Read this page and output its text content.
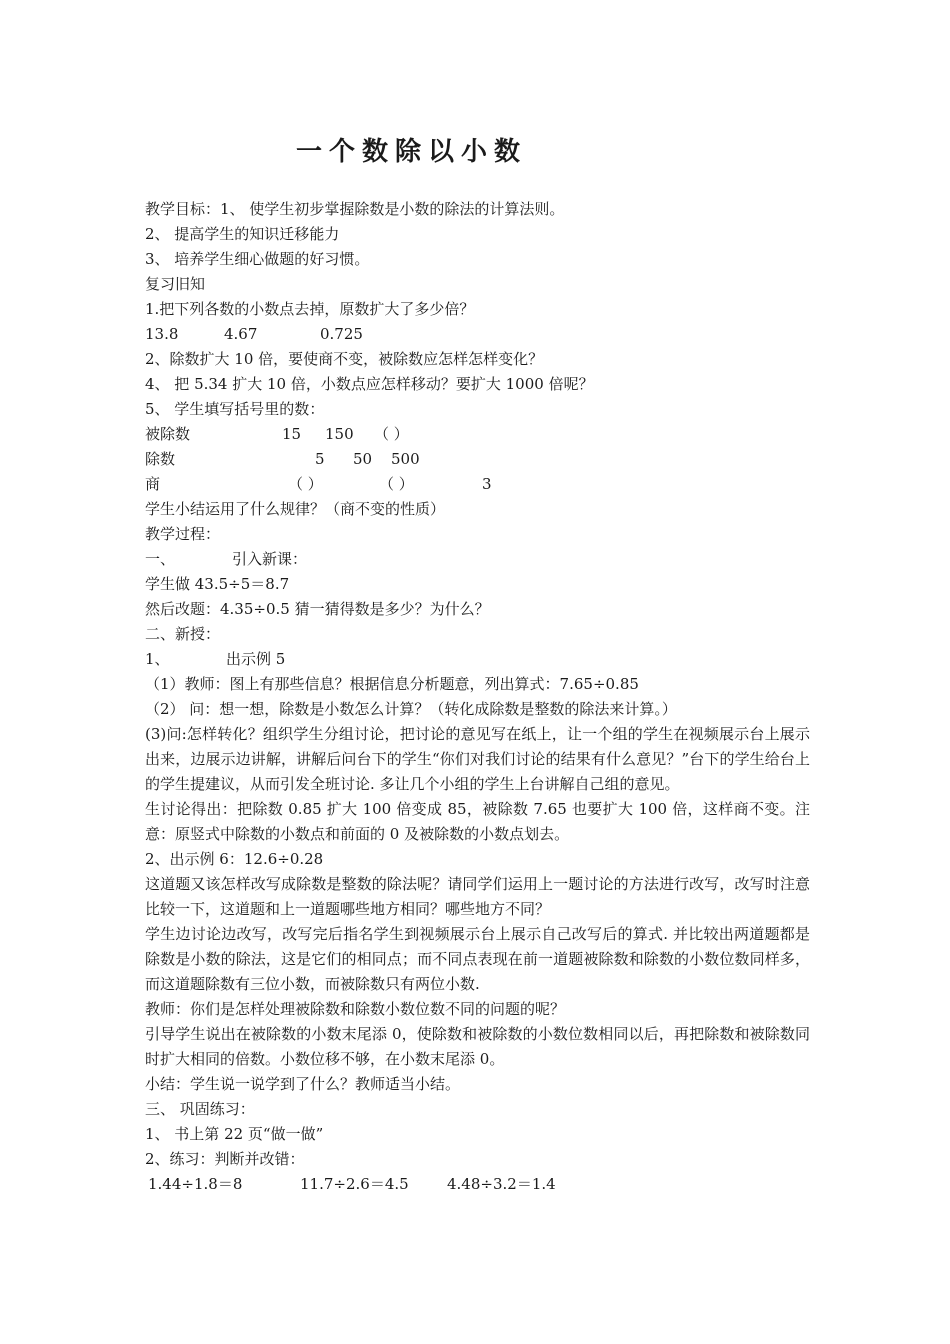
一个数除以小数
教学目标：1、 使学生初步掌握除数是小数的除法的计算法则。
2、 提高学生的知识迁移能力
3、 培养学生细心做题的好习惯。
复习旧知
1.把下列各数的小数点去掉，原数扩大了多少倍？
13.8	4.67	0.725
2、除数扩大 10 倍，要使商不变，被除数应怎样怎样变化？
4、 把 5.34 扩大 10 倍，小数点应怎样移动？要扩大 1000 倍呢？
5、 学生填写括号里的数：
被除数	15 150 （ ）
除数	5 50 500
商	（ ）	（ ）	3
学生小结运用了什么规律？（商不变的性质）
教学过程：
一、	引入新课：
学生做 43.5÷5＝8.7
然后改题：4.35÷0.5 猜一猜得数是多少？为什么？
二、新授：
1、	出示例 5
（1）教师：图上有那些信息？根据信息分析题意，列出算式：7.65÷0.85
（2） 问：想一想，除数是小数怎么计算？（转化成除数是整数的除法来计算。）
(3)问:怎样转化？组织学生分组讨论，把讨论的意见写在纸上，让一个组的学生在视频展示台上展示出来，边展示边讲解，讲解后问台下的学生“你们对我们讨论的结果有什么意见？”台下的学生给台上的学生提建议，从而引发全班讨论. 多让几个小组的学生上台讲解自己组的意见。
生讨论得出：把除数 0.85 扩大 100 倍变成 85，被除数 7.65 也要扩大 100 倍，这样商不变。注意：原竖式中除数的小数点和前面的 0 及被除数的小数点划去。
2、出示例 6：12.6÷0.28
这道题又该怎样改写成除数是整数的除法呢？请同学们运用上一题讨论的方法进行改写，改写时注意比较一下，这道题和上一道题哪些地方相同？哪些地方不同？
学生边讨论边改写，改写完后指名学生到视频展示台上展示自己改写后的算式. 并比较出两道题都是除数是小数的除法，这是它们的相同点；而不同点表现在前一道题被除数和除数的小数位数同样多，而这道题除数有三位小数，而被除数只有两位小数.
教师：你们是怎样处理被除数和除数小数位数不同的问题的呢？
引导学生说出在被除数的小数末尾添 0，使除数和被除数的小数位数相同以后，再把除数和被除数同时扩大相同的倍数。小数位移不够，在小数末尾添 0。
小结：学生说一说学到了什么？教师适当小结。
三、 巩固练习：
1、 书上第 22 页“做一做”
2、练习：判断并改错：
1.44÷1.8＝8	11.7÷2.6＝4.5	4.48÷3.2＝1.4
